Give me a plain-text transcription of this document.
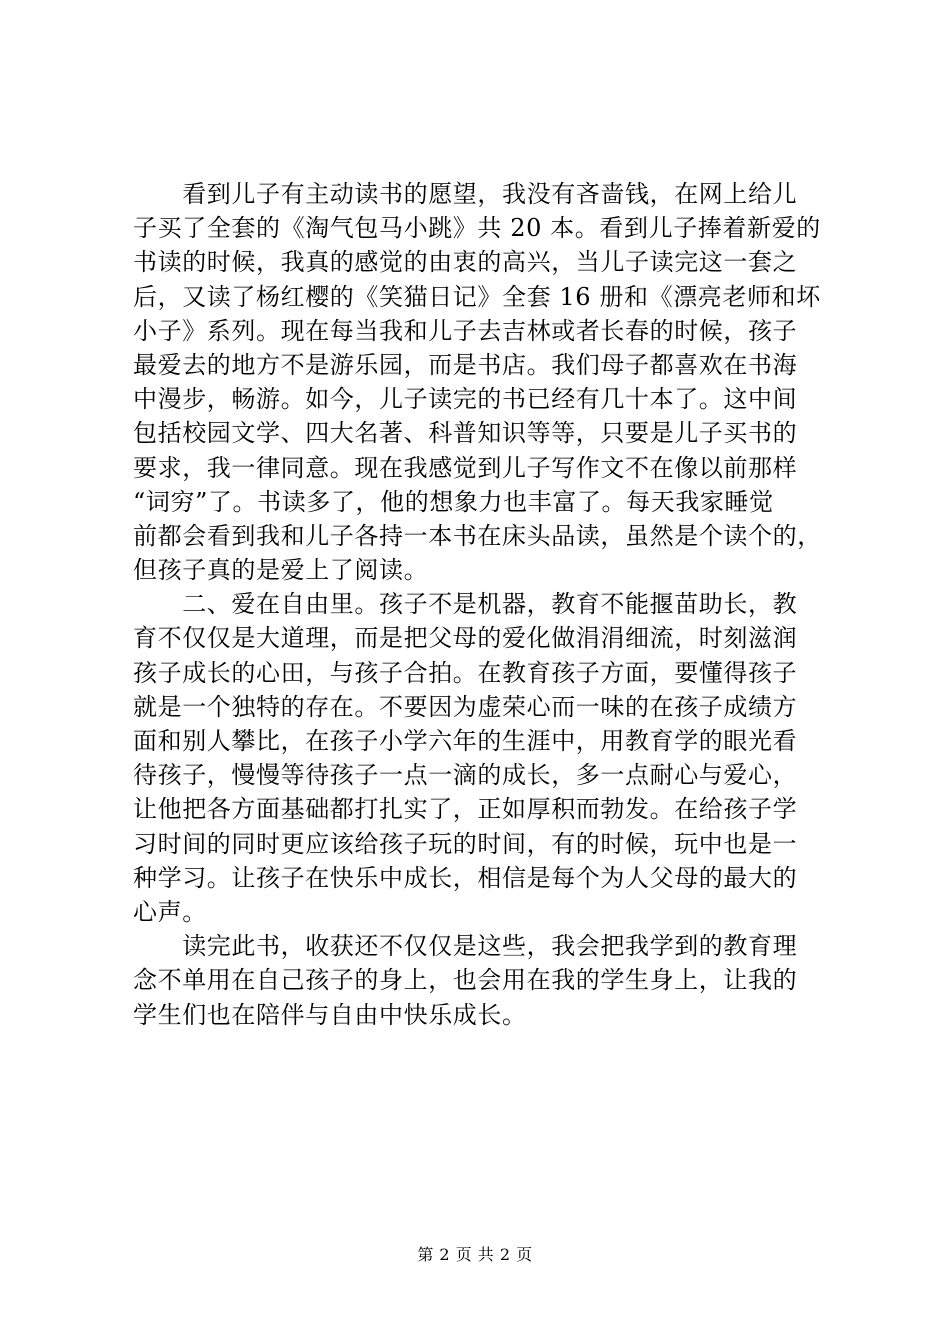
　　看到儿子有主动读书的愿望，我没有吝啬钱，在网上给儿
子买了全套的《淘气包马小跳》共 20 本。看到儿子捧着新爱的
书读的时候，我真的感觉的由衷的高兴，当儿子读完这一套之
后，又读了杨红樱的《笑猫日记》全套 16 册和《漂亮老师和坏
小子》系列。现在每当我和儿子去吉林或者长春的时候，孩子
最爱去的地方不是游乐园，而是书店。我们母子都喜欢在书海
中漫步，畅游。如今，儿子读完的书已经有几十本了。这中间
包括校园文学、四大名著、科普知识等等，只要是儿子买书的
要求，我一律同意。现在我感觉到儿子写作文不在像以前那样
“词穷”了。书读多了，他的想象力也丰富了。每天我家睡觉
前都会看到我和儿子各持一本书在床头品读，虽然是个读个的，
但孩子真的是爱上了阅读。
　　二、爱在自由里。孩子不是机器，教育不能揠苗助长，教
育不仅仅是大道理，而是把父母的爱化做涓涓细流，时刻滋润
孩子成长的心田，与孩子合拍。在教育孩子方面，要懂得孩子
就是一个独特的存在。不要因为虚荣心而一味的在孩子成绩方
面和别人攀比，在孩子小学六年的生涯中，用教育学的眼光看
待孩子，慢慢等待孩子一点一滴的成长，多一点耐心与爱心，
让他把各方面基础都打扎实了，正如厚积而勃发。在给孩子学
习时间的同时更应该给孩子玩的时间，有的时候，玩中也是一
种学习。让孩子在快乐中成长，相信是每个为人父母的最大的
心声。
　　读完此书，收获还不仅仅是这些，我会把我学到的教育理
念不单用在自己孩子的身上，也会用在我的学生身上，让我的
学生们也在陪伴与自由中快乐成长。
第 2 页 共 2 页
